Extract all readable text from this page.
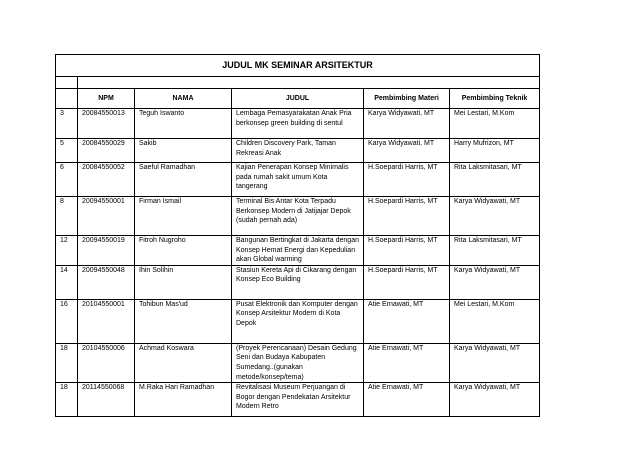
JUDUL MK SEMINAR ARSITEKTUR					

	NPM	NAMA	JUDUL	Pembimbing Materi	Pembimbing Teknik
3	20084550013	Teguh Iswanto	Lembaga Pemasyarakatan Anak Pria berkonsep green building di sentul	Karya Widyawati, MT	Mei Lestari, M.Kom
5	20084550029	Sakib	Children Discovery Park, Taman Rekreasi Anak	Karya Widyawati, MT	Harry Mufrizon, MT
6	20084550052	Saeful Ramadhan	Kajian Penerapan Konsep Minimalis pada rumah sakit umum Kota tangerang	H.Soepardi Harris, MT	Rita Laksmitasari, MT
8	20094550001	Firman Ismail	Terminal Bis Antar Kota Terpadu Berkonsep Modern di Jatijajar Depok (sudah pernah ada)	H.Soepardi Harris, MT	Karya Widyawati, MT
12	20094550019	Fitroh Nugroho	Bangunan Bertingkat di Jakarta dengan Konsep Hemat Energi dan Kepedulian akan Global warming	H.Soepardi Harris, MT	Rita Laksmitasari, MT
14	20094550048	Ihin Solihin	Stasiun Kereta Api di Cikarang dengan Konsep Eco Building	H.Soepardi Harris, MT	Karya Widyawati, MT
16	20104550001	Tohibun Mas'ud	Pusat Elektronik dan Komputer dengan Konsep Arsitektur Modern di Kota Depok	Atie Ernawati, MT	Mei Lestari, M.Kom
18	20104550006	Achmad Koswara	(Proyek Perencanaan) Desain Gedung Seni dan Budaya Kabupaten Sumedang..(gunakan metode/konsep/tema)	Atie Ernawati, MT	Karya Widyawati, MT
18	20114550068	M.Raka Hari Ramadhan	Revitalisasi Museum Perjuangan di Bogor dengan Pendekatan Arsitektur Modern Retro	Atie Ernawati, MT	Karya Widyawati, MT
